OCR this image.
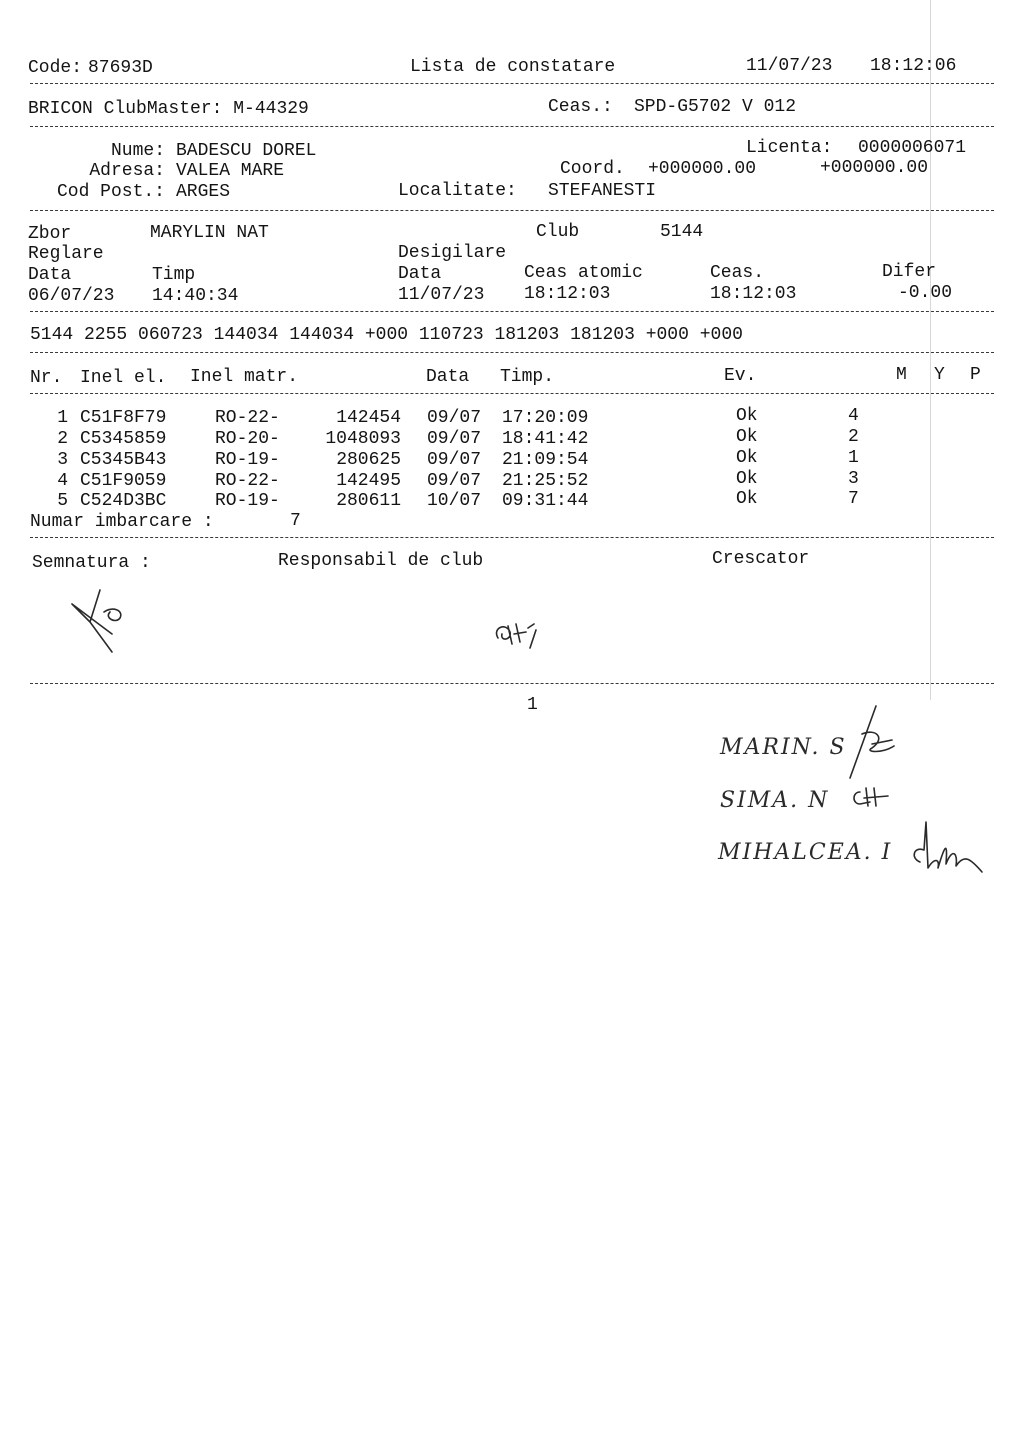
Code: 87693D	Lista de constatare	11/07/23 18:12:06
BRICON ClubMaster: M-44329	Ceas.: SPD-G5702 V 012
Nume: BADESCU DOREL	Licenta: 0000006071
Adresa: VALEA MARE	Coord. +000000.00	+000000.00
Cod Post.: ARGES	Localitate: STEFANESTI
Zbor	MARYLIN NAT	Club	5144
Reglare	Desigilare
Data	Timp	Data	Ceas atomic	Ceas.	Difer
06/07/23 14:40:34	11/07/23 18:12:03	18:12:03	-0.00
5144 2255 060723 144034 144034 +000 110723 181203 181203 +000 +000
Nr. Inel el. Inel matr.	Data Timp.	Ev.	M Y P
1 C51F8F79	RO-22-	142454 09/07 17:20:09	Ok	4
2 C5345859	RO-20-	1048093 09/07 18:41:42	Ok	2
3 C5345B43	RO-19-	280625 09/07 21:09:54	Ok	1
4 C51F9059	RO-22-	142495 09/07 21:25:52	Ok	3
5 C524D3BC	RO-19-	280611 10/07 09:31:44	Ok	7
Numar imbarcare :	7
Semnatura :	Responsabil de club	Crescator
1
MARIN. S
SIMA. N
MIHALCEA. I
